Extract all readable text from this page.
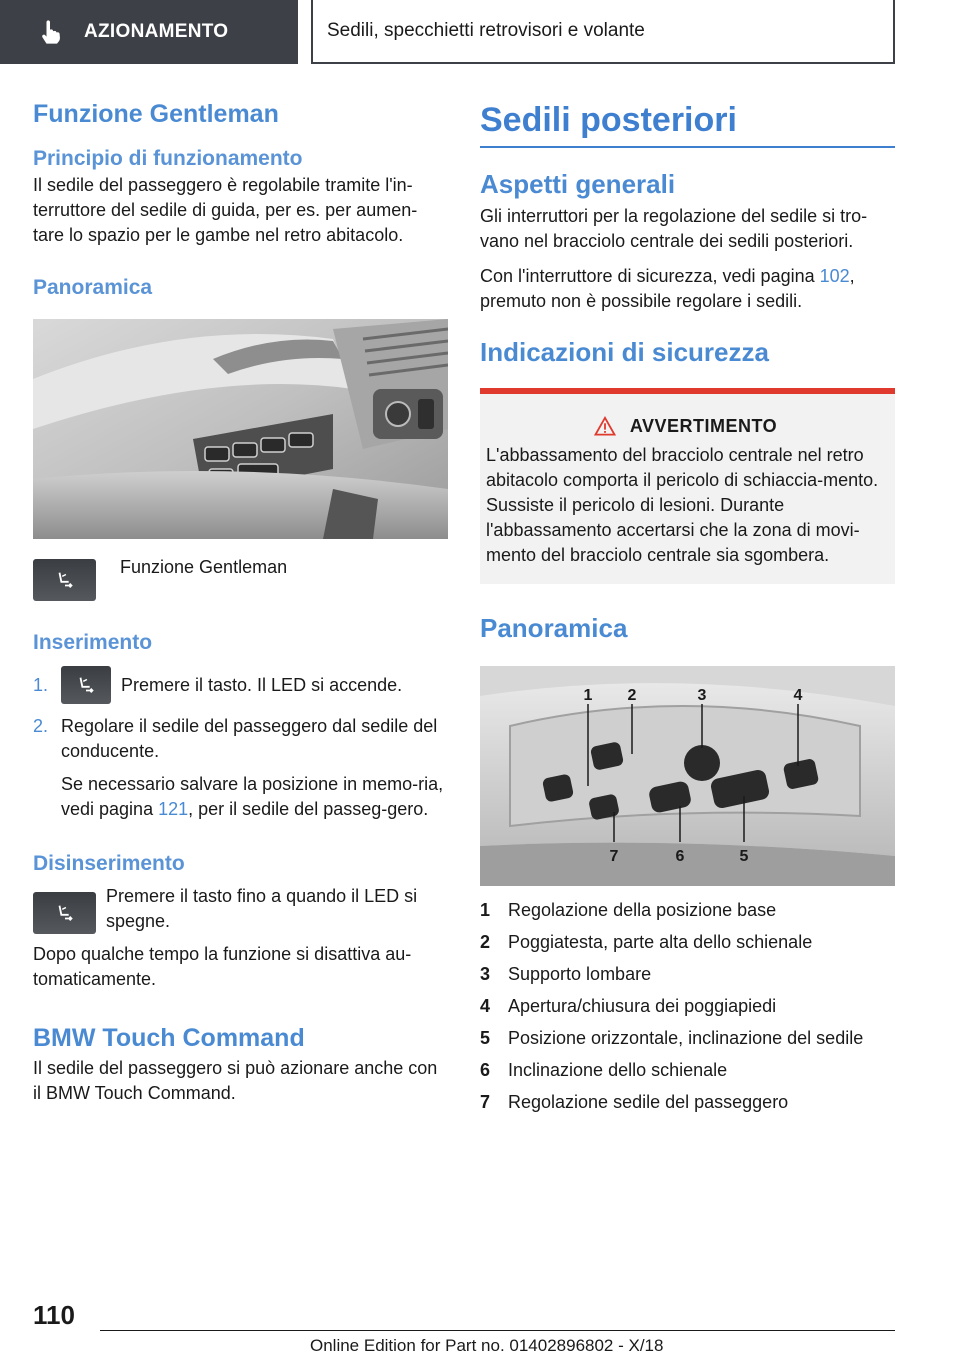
AZIONAMENTO	Sedili, specchietti retrovisori e volante
Funzione Gentleman
Principio di funzionamento

Il sedile del passeggero è regolabile tramite l'in-terruttore del sedile di guida, per es. per aumen-tare lo spazio per le gambe nel retro abitacolo.

Panoramica
Funzione Gentleman
Inserimento
1.	Premere il tasto. Il LED si accende.
2. Regolare il sedile del passeggero dal sedile del conducente.

Se necessario salvare la posizione in memo-ria, vedi pagina 121, per il sedile del passeg-gero.

Disinserimento

Premere il tasto fino a quando il LED si spegne.

Dopo qualche tempo la funzione si disattiva au-tomaticamente.

BMW Touch Command

Il sedile del passeggero si può azionare anche con il BMW Touch Command.

Sedili posteriori
Aspetti generali

Gli interruttori per la regolazione del sedile si tro-vano nel bracciolo centrale dei sedili posteriori.

Con l'interruttore di sicurezza, vedi pagina 102, premuto non è possibile regolare i sedili.

Indicazioni di sicurezza
AVVERTIMENTO

L'abbassamento del bracciolo centrale nel retro abitacolo comporta il pericolo di schiaccia-mento. Sussiste il pericolo di lesioni. Durante l'abbassamento accertarsi che la zona di movi-mento del bracciolo centrale sia sgombera.

Panoramica
1 2	3	4
7	6	5
1 Regolazione della posizione base
2 Poggiatesta, parte alta dello schienale
3 Supporto lombare
4 Apertura/chiusura dei poggiapiedi
5 Posizione orizzontale, inclinazione del sedile
6 Inclinazione dello schienale
7 Regolazione sedile del passeggero
110
Online Edition for Part no. 01402896802 - X/18
